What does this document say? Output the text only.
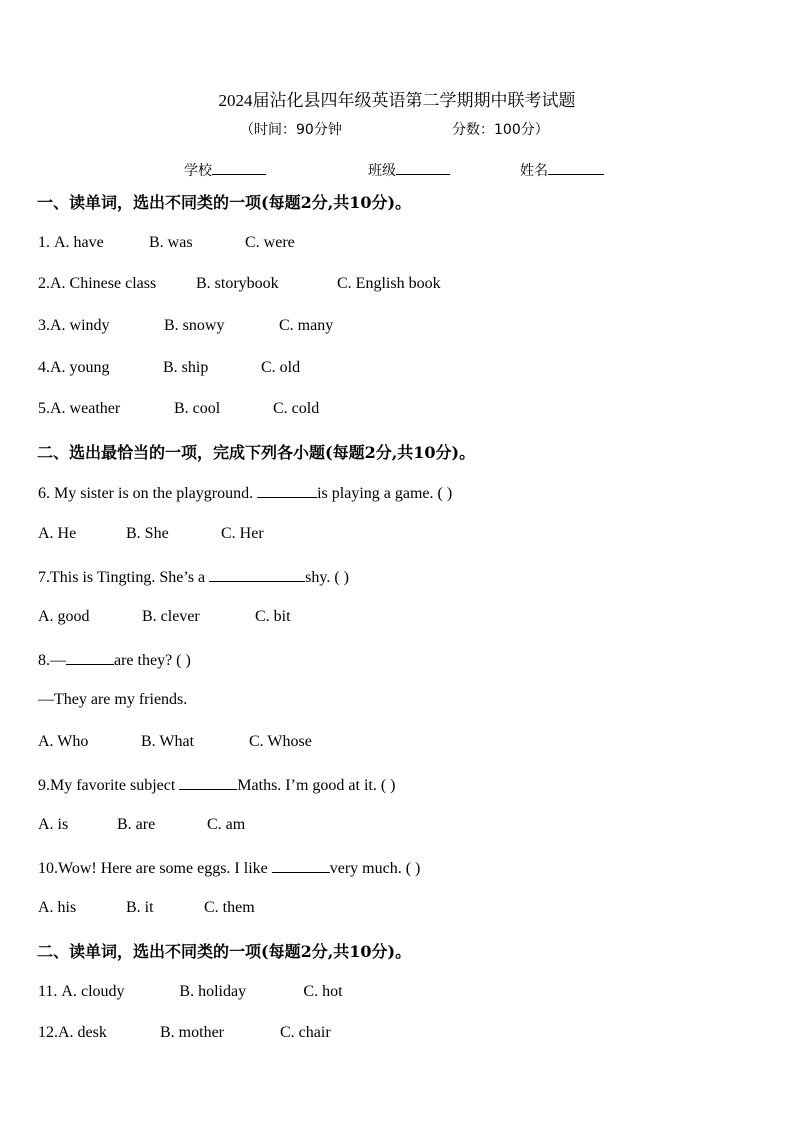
2024届沾化县四年级英语第二学期期中联考试题
（时间：90分钟	分数：100分）
学校	班级	姓名
一、读单词，选出不同类的一项(每题2分,共10分)。
1. A. have	B. was	C. were
2.A. Chinese class B. storybook	C. English book
3.A. windy	B. snowy	C. many
4.A. young	B. ship	C. old
5.A. weather	B. cool	C. cold
二、选出最恰当的一项，完成下列各小题(每题2分,共10分)。
6. My sister is on the playground.	is playing a game. ( )
A. He	B. She	C. Her
7.This is Tingting. She’s a	shy. ( )
A. good	B. clever	C. bit
8.—	are they? ( )
—They are my friends.
A. Who	B. What	C. Whose
9.My favorite subject	Maths. I’m good at it. ( )
A. is	B. are	C. am
10.Wow! Here are some eggs. I like	very much. ( )
A. his	B. it	C. them
二、读单词，选出不同类的一项(每题2分,共10分)。
11. A. cloudy	B. holiday	C. hot
12.A. desk	B. mother	C. chair
